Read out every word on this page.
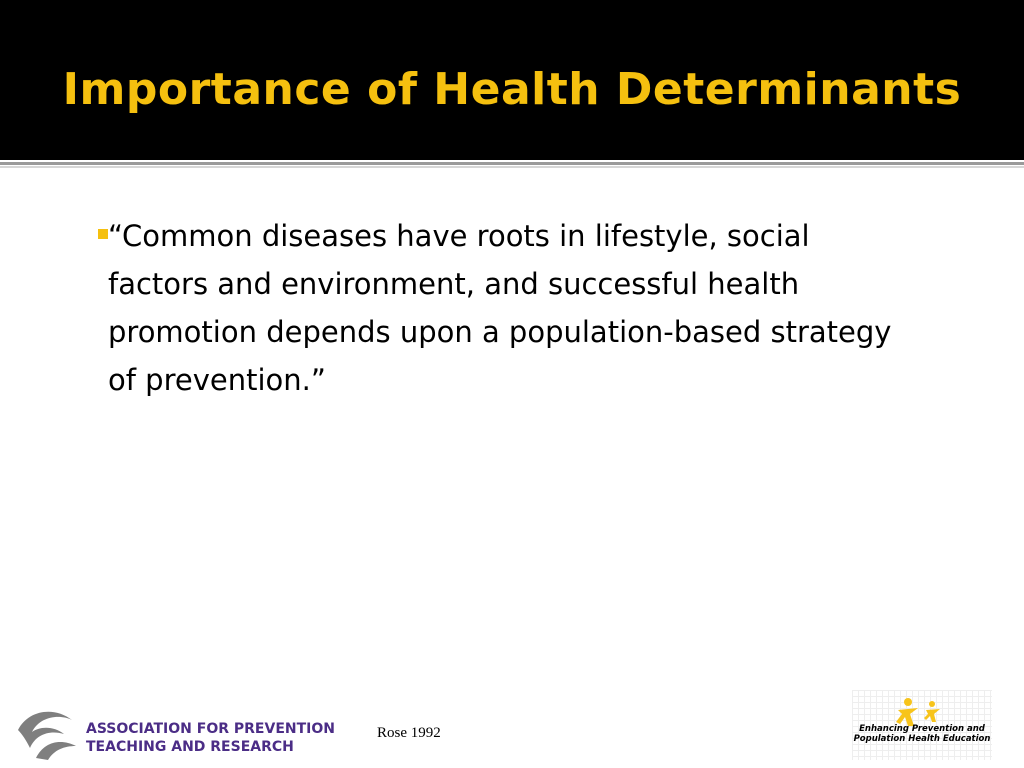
Importance of Health Determinants
“Common diseases have roots in lifestyle, social factors and environment, and successful health promotion depends upon a population-based strategy of prevention.”
ASSOCIATION FOR PREVENTION
TEACHING AND RESEARCH
Rose 1992	Enhancing Prevention and
Population Health Education
